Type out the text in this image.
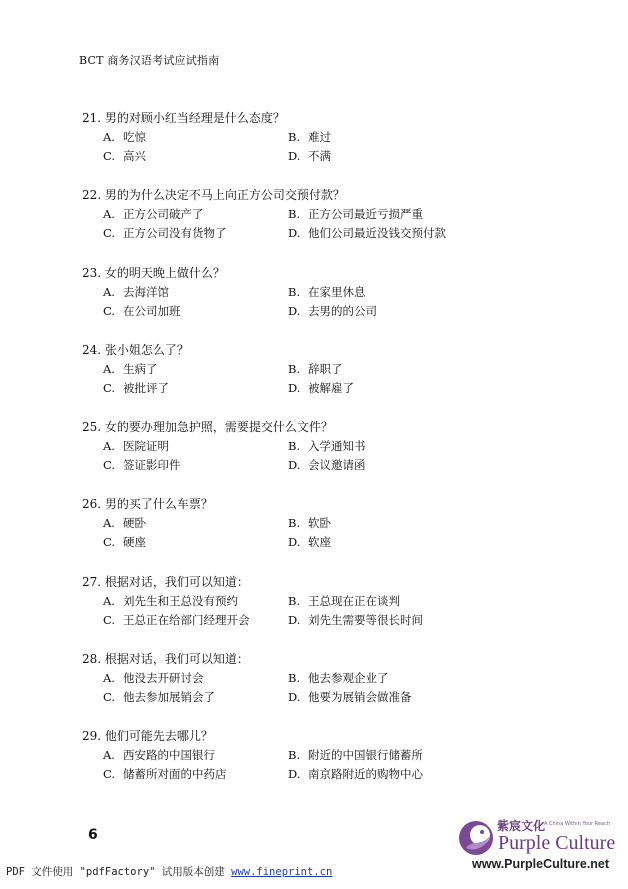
BCT 商务汉语考试应试指南
21. 男的对顾小红当经理是什么态度？
A. 吃惊	B. 难过
C. 高兴	D. 不满
22. 男的为什么决定不马上向正方公司交预付款？
A. 正方公司破产了	B. 正方公司最近亏损严重
C. 正方公司没有货物了	D. 他们公司最近没钱交预付款
23. 女的明天晚上做什么？
A. 去海洋馆	B. 在家里休息
C. 在公司加班	D. 去男的的公司
24. 张小姐怎么了？
A. 生病了	B. 辞职了
C. 被批评了	D. 被解雇了
25. 女的要办理加急护照，需要提交什么文件？
A. 医院证明	B. 入学通知书
C. 签证影印件	D. 会议邀请函
26. 男的买了什么车票？
A. 硬卧	B. 软卧
C. 硬座	D. 软座
27. 根据对话，我们可以知道：
A. 刘先生和王总没有预约	B. 王总现在正在谈判
C. 王总正在给部门经理开会	D. 刘先生需要等很长时间
28. 根据对话，我们可以知道：
A. 他没去开研讨会	B. 他去参观企业了
C. 他去参加展销会了	D. 他要为展销会做准备
29. 他们可能先去哪儿？
A. 西安路的中国银行	B. 附近的中国银行储蓄所
C. 储蓄所对面的中药店	D. 南京路附近的购物中心
6
紫宸文化
A China Within Your Reach
Purple Culture
www.PurpleCulture.net
PDF 文件使用 "pdfFactory" 试用版本创建 www.fineprint.cn
